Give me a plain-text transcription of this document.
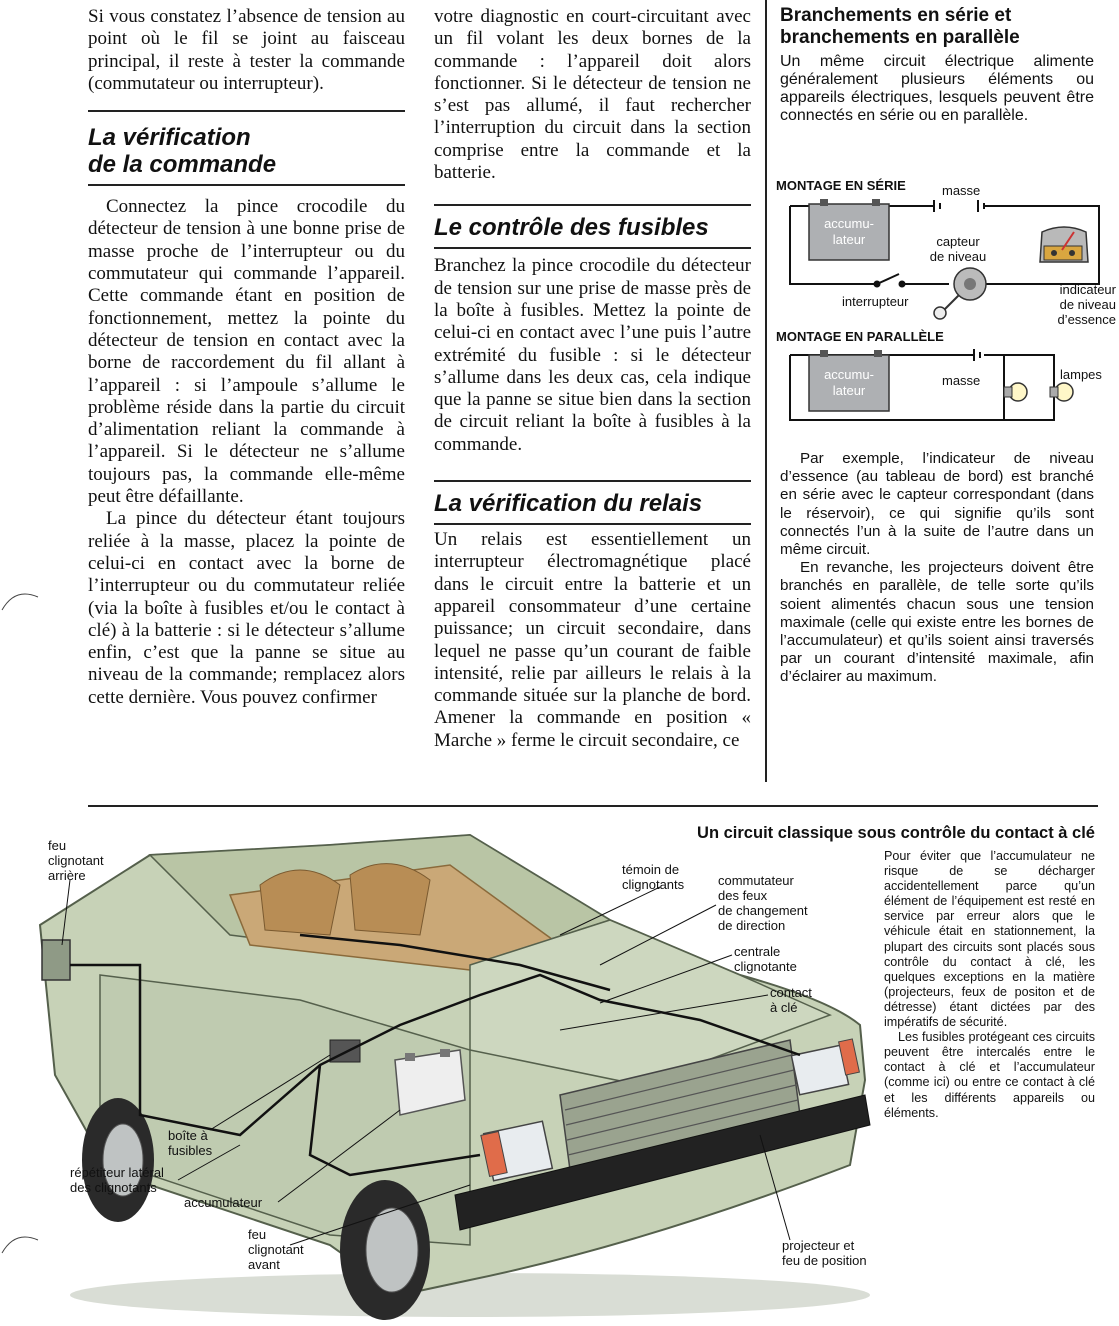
Si vous constatez l’absence de tension au point où le fil se joint au faisceau principal, il reste à tester la commande (commutateur ou interrupteur).

La vérification
de la commande

Connectez la pince crocodile du détecteur de tension à une bonne prise de masse proche de l’interrupteur ou du commutateur qui commande l’appareil. Cette commande étant en position de fonctionnement, mettez la pointe du détecteur de tension en contact avec la borne de raccordement du fil allant à l’appareil : si l’ampoule s’allume le problème réside dans la partie du circuit d’alimentation reliant la commande à l’appareil. Si le détecteur ne s’allume toujours pas, la commande elle-même peut être défaillante.

La pince du détecteur étant toujours reliée à la masse, placez la pointe de celui-ci en contact avec la borne de l’interrupteur ou du commutateur reliée (via la boîte à fusibles et/ou le contact à clé) à la batterie : si le détecteur s’allume enfin, c’est que la panne se situe au niveau de la commande; remplacez alors cette dernière. Vous pouvez confirmer

votre diagnostic en court-circuitant avec un fil volant les deux bornes de la commande : l’appareil doit alors fonctionner. Si le détecteur de tension ne s’est pas allumé, il faut rechercher l’interruption du circuit dans la section comprise entre la commande et la batterie.

Le contrôle des fusibles

Branchez la pince crocodile du détecteur de tension sur une prise de masse près de la boîte à fusibles. Mettez la pointe de celui-ci en contact avec l’une puis l’autre extrémité du fusible : si le détecteur s’allume dans les deux cas, cela indique que la panne se situe bien dans la section de circuit reliant la boîte à fusibles à la commande.

La vérification du relais

Un relais est essentiellement un interrupteur électromagnétique placé dans le circuit entre la batterie et un appareil consommateur d’une certaine puissance; un circuit secondaire, dans lequel ne passe qu’un courant de faible intensité, relie par ailleurs le relais à la commande située sur la planche de bord. Amener la commande en position « Marche » ferme le circuit secondaire, ce

Branchements en série et
branchements en parallèle
Un même circuit électrique alimente généralement plusieurs éléments ou appareils électriques, lesquels peuvent être connectés en série ou en parallèle.
MONTAGE EN SÉRIE	masse
accumu-
lateur	capteur
de niveau
interrupteur
indicateur
de niveau
d’essence
MONTAGE EN PARALLÈLE
accumu-
lateur
masse	lampes

Par exemple, l’indicateur de niveau d’essence (au tableau de bord) est branché en série avec le capteur correspondant (dans le réservoir), ce qui signifie qu’ils sont connectés l’un à la suite de l’autre dans un même circuit.

En revanche, les projecteurs doivent être branchés en parallèle, de telle sorte qu’ils soient alimentés chacun sous une tension maximale (celle qui existe entre les bornes de l’accumulateur) et qu’ils soient ainsi traversés par un courant d’intensité maximale, afin d’éclairer au maximum.

Un circuit classique sous contrôle du contact à clé

Pour éviter que l’accumulateur ne risque de se décharger accidentellement parce qu’un élément de l’équipement est resté en service par erreur alors que le véhicule était en stationnement, la plupart des circuits sont placés sous contrôle du contact à clé, les quelques exceptions en la matière (projecteurs, feux de positon et de détresse) étant dictées par des impératifs de sécurité.

Les fusibles protégeant ces circuits peuvent être intercalés entre le contact à clé et l’accumulateur (comme ici) ou entre ce contact à clé et les différents appareils ou éléments.

feu
clignotant
arrière	témoin de
clignotants	commutateur
des feux
de changement
de direction
centrale
clignotante
contact
à clé
boîte à
fusibles
répétiteur latéral
des clignotants
accumulateur
feu
clignotant
avant
projecteur et
feu de position
